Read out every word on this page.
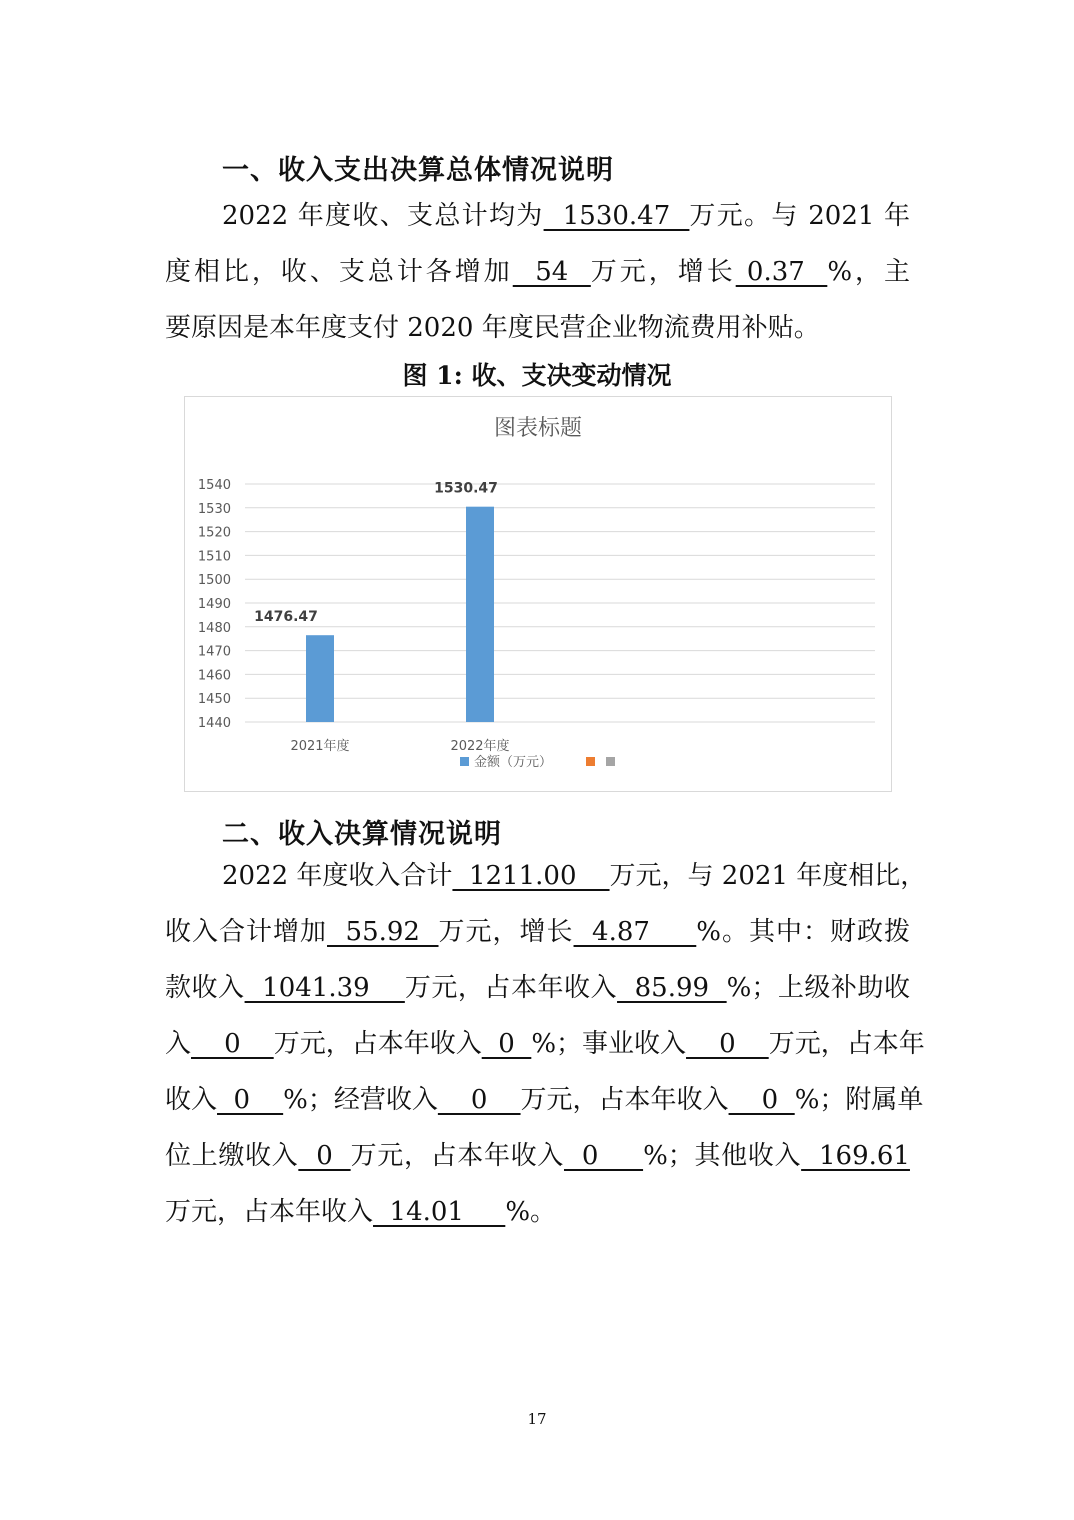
一、收入支出决算总体情况说明
2022 年度收、支总计均为  1530.47  万元。与 2021 年
度相比，收、支总计各增加  54  万元，增长 0.37  %，主
要原因是本年度支付 2020 年度民营企业物流费用补贴。
图 1: 收、支决变动情况
图表标题
1540
1530
1520
1510
1500
1490
1480
1470
1460
1450
1440
1476.47
1530.47
2021年度	2022年度
金额（万元）
二、收入决算情况说明
2022 年度收入合计  1211.00    万元，与 2021 年度相比，
收入合计增加  55.92  万元，增长  4.87     %。其中：财政拨
款收入  1041.39    万元，占本年收入  85.99  %；上级补助收
入    0    万元，占本年收入  0  %；事业收入    0    万元，占本年
收入  0    %；经营收入    0    万元，占本年收入    0  %；附属单
位上缴收入  0  万元，占本年收入  0     %；其他收入  169.61
万元，占本年收入  14.01     %。
17
